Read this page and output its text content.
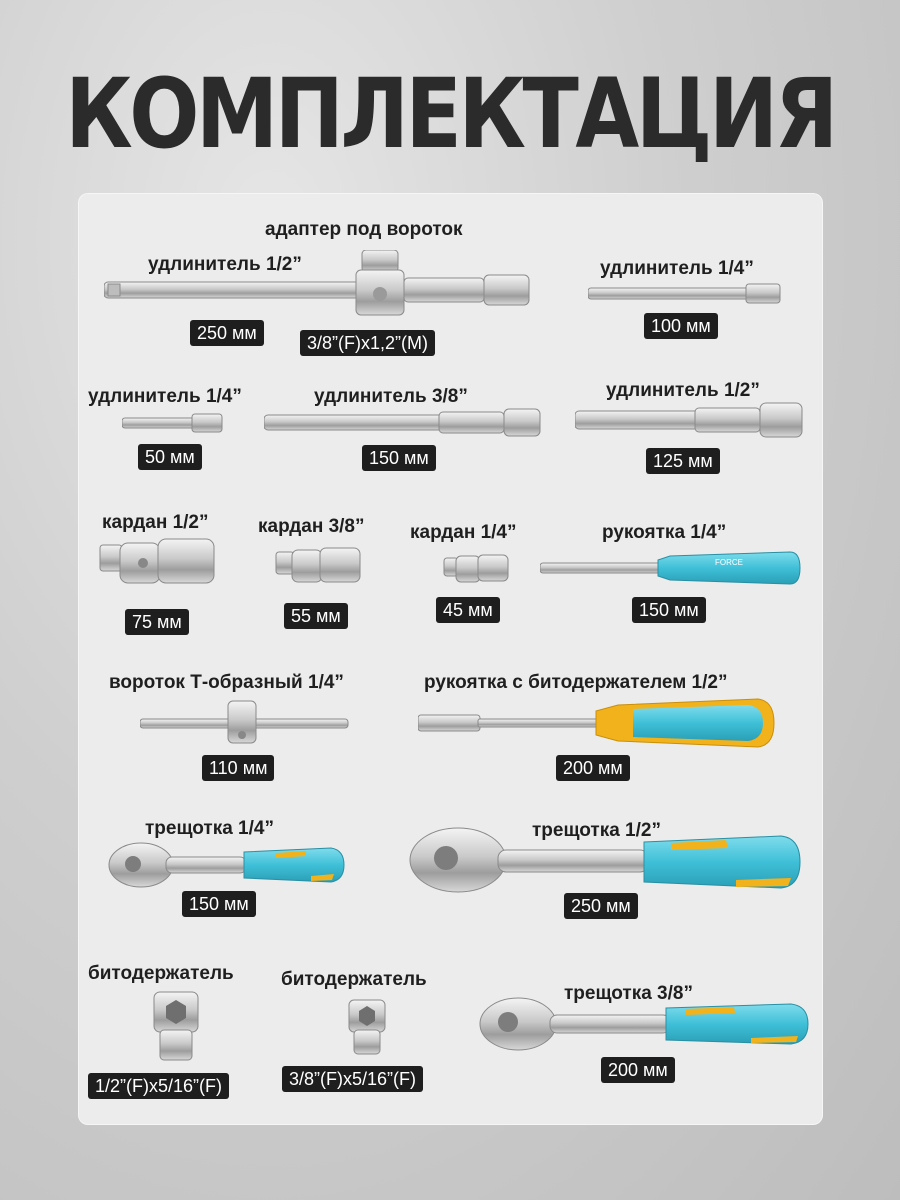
КОМПЛЕКТАЦИЯ
адаптер под вороток
удлинитель 1/2”
250 мм	3/8”(F)x1,2”(M)
удлинитель 1/4”
100 мм
удлинитель 1/4”
50 мм
удлинитель 3/8”
150 мм
удлинитель 1/2”
125 мм
кардан 1/2”
75 мм
кардан 3/8”
55 мм
кардан 1/4”
45 мм
рукоятка 1/4”
FORCE
150 мм
вороток Т-образный 1/4”
110 мм
рукоятка с битодержателем 1/2”
200 мм
трещотка 1/4”
150 мм
трещотка 1/2”
250 мм
битодержатель
1/2”(F)x5/16”(F)
битодержатель
3/8”(F)x5/16”(F)
трещотка 3/8”
200 мм
